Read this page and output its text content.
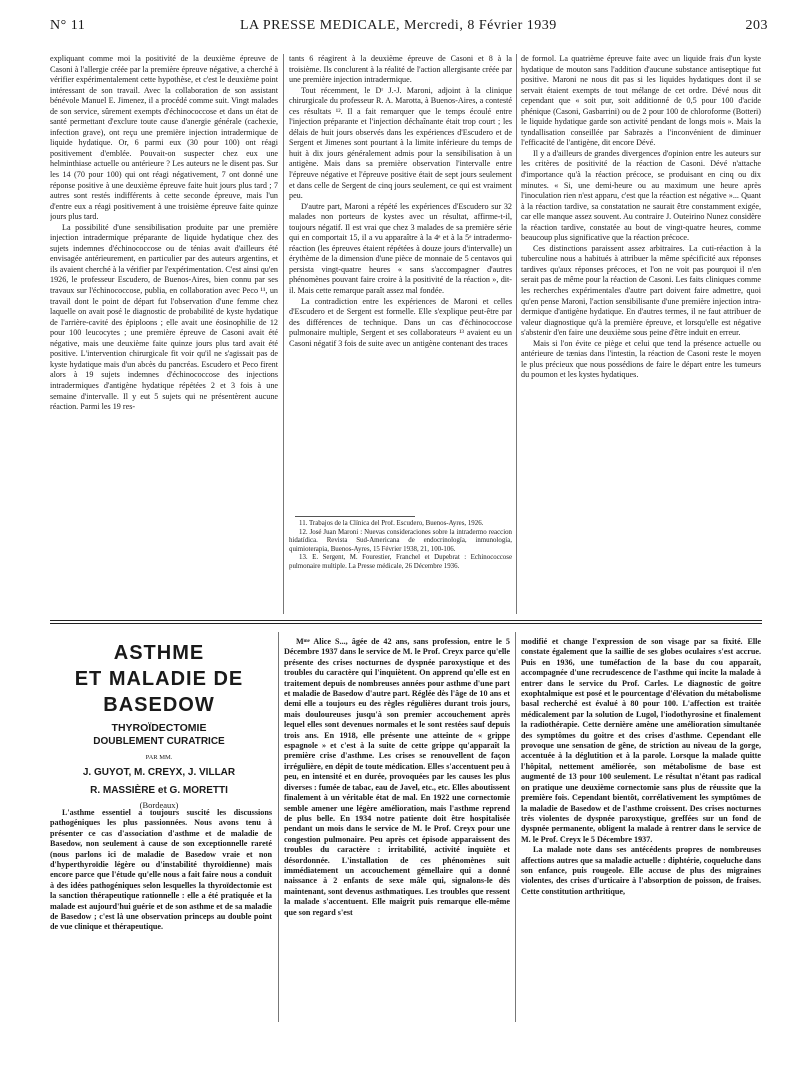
N° 11	LA PRESSE MEDICALE, Mercredi, 8 Février 1939	203

expliquant comme moi la positivité de la deuxième épreuve de Casoni à l'allergie créée par la première épreuve négative, a cherché à vérifier expérimentalement cette hypothèse, et c'est le deuxième point intéressant de son travail. Avec la collaboration de son assistant bénévole Manuel E. Jimenez, il a procédé comme suit. Vingt malades de son service, sûrement exempts d'échinococcose et dans un état de santé permettant d'exclure toute cause d'anergie générale (cachexie, infection grave), ont reçu une première injection intradermique de liquide hydatique. Or, 6 parmi eux (30 pour 100) ont réagi positivement d'emblée. Pouvait-on suspecter chez eux une helminthiase actuelle ou antérieure ? Les auteurs ne le disent pas. Sur les 14 (70 pour 100) qui ont réagi négativement, 7 ont donné une réponse positive à une deuxième épreuve faite huit jours plus tard ; 7 autres sont restés indifférents à cette seconde épreuve, mais l'un d'entre eux a réagi positivement à une troisième épreuve faite quinze jours plus tard.

La possibilité d'une sensibilisation produite par une première injection intradermique préparante de liquide hydatique chez des sujets indemnes d'échinococcose ou de ténias avait d'ailleurs été envisagée antérieurement, en particulier par des auteurs argentins, et ils avaient cherché à la vérifier par l'expérimentation. C'est ainsi qu'en 1926, le professeur Escudero, de Buenos-Aires, bien connu par ses travaux sur l'échinococcose, publia, en collaboration avec Peco ¹¹, un travail dont le point de départ fut l'observation d'une femme chez laquelle on avait posé le diagnostic de probabilité de kyste hydatique de l'arrière-cavité des épiploons ; elle avait une éosinophilie de 12 pour 100 leucocytes ; une première épreuve de Casoni avait été négative, mais une deuxième faite quinze jours plus tard avait été positive. L'intervention chirurgicale fit voir qu'il ne s'agissait pas de kyste hydatique mais d'un abcès du pancréas. Escudero et Peco firent alors à 19 sujets indemnes d'échinococcose des injections intradermiques d'antigène hydatique répétées 2 et 3 fois à une semaine d'intervalle. Il y eut 5 sujets qui ne présentèrent aucune réaction. Parmi les 19 res-

tants 6 réagirent à la deuxième épreuve de Casoni et 8 à la troisième. Ils conclurent à la réalité de l'action allergisante créée par une première injection intradermique.

Tout récemment, le Dʳ J.-J. Maroni, adjoint à la clinique chirurgicale du professeur R. A. Marotta, à Buenos-Aires, a contesté ces résultats ¹². Il a fait remarquer que le temps écoulé entre l'injection préparante et l'injection déchaînante était trop court ; les délais de huit jours observés dans les expériences d'Escudero et de Sergent et Jimenes sont pourtant à la limite inférieure du temps de huit à dix jours généralement admis pour la sensibilisation à un antigène. Mais dans sa première observation l'intervalle entre l'épreuve négative et l'épreuve positive était de sept jours seulement et dans celle de Sergent de cinq jours seulement, ce qui est vraiment peu.

D'autre part, Maroni a répété les expériences d'Escudero sur 32 malades non porteurs de kystes avec un résultat, affirme-t-il, toujours négatif. Il est vrai que chez 3 malades de sa première série qui en comportait 15, il a vu apparaître à la 4ᵉ et à la 5ᵉ intradermo-réaction (les épreuves étaient répétées à douze jours d'intervalle) un érythème de la dimension d'une pièce de monnaie de 5 centavos qui persista vingt-quatre heures « sans s'accompagner d'autres phénomènes pouvant faire croire à la positivité de la réaction », dit-il. Mais cette remarque paraît assez mal fondée.

La contradiction entre les expériences de Maroni et celles d'Escudero et de Sergent est formelle. Elle s'explique peut-être par des différences de technique. Dans un cas d'échinococcose pulmonaire multiple, Sergent et ses collaborateurs ¹³ avaient eu un Casoni négatif 3 fois de suite avec un antigène contenant des traces

11. Trabajos de la Clínica del Prof. Escudero, Buenos-Ayres, 1926.

12. José Juan Maroni : Nuevas consideraciones sobre la intradermo reaccion hidatídica. Revista Sud-Americana de endocrinología, inmunología, quimioterapia, Buenos-Ayres, 15 Février 1938, 21, 100-106.

13. E. Sergent, M. Fourestier, Franchel et Dupebrat : Echinococcose pulmonaire multiple. La Presse médicale, 26 Décembre 1936.

de formol. La quatrième épreuve faite avec un liquide frais d'un kyste hydatique de mouton sans l'addition d'aucune substance antiseptique fut positive. Maroni ne nous dit pas si les liquides hydatiques dont il se servait étaient exempts de tout mélange de cet ordre. Dévé nous dit cependant que « soit pur, soit additionné de 0,5 pour 100 d'acide phénique (Casoni, Gasbarrini) ou de 2 pour 100 de chloroforme (Botteri) le liquide hydatique garde son activité pendant de longs mois ». Mais la tyndallisation conseillée par Sabrazès a l'inconvénient de diminuer l'efficacité de l'antigène, dit encore Dévé.

Il y a d'ailleurs de grandes divergences d'opinion entre les auteurs sur les critères de positivité de la réaction de Casoni. Dévé n'attache d'importance qu'à la réaction précoce, se produisant en cinq ou dix minutes. « Si, une demi-heure ou au maximum une heure après l'inoculation rien n'est apparu, c'est que la réaction est négative »... Quant à la réaction tardive, sa constatation ne saurait être constamment exigée, car elle manque assez souvent. Au contraire J. Outeirino Nunez considère la réaction tardive, constatée au bout de vingt-quatre heures, comme beaucoup plus significative que la réaction précoce.

Ces distinctions paraissent assez arbitraires. La cuti-réaction à la tuberculine nous a habitués à attribuer la même spécificité aux réponses tardives qu'aux réponses précoces, et l'on ne voit pas pourquoi il n'en serait pas de même pour la réaction de Casoni. Les faits cliniques comme les recherches expérimentales d'autre part doivent faire admettre, quoi qu'en pense Maroni, l'action sensibilisante d'une première injection intra-dermique d'antigène hydatique. En d'autres termes, il ne faut attribuer de valeur diagnostique qu'à la première épreuve, et lorsqu'elle est négative s'abstenir d'en faire une deuxième sous peine d'être induit en erreur.

Mais si l'on évite ce piège et celui que tend la présence actuelle ou antérieure de tænias dans l'intestin, la réaction de Casoni reste le moyen le plus précieux que nous possédions de faire le départ entre les tumeurs du poumon et les kystes hydatiques.

ASTHME
ET MALADIE DE BASEDOW
THYROÏDECTOMIE
DOUBLEMENT CURATRICE
PAR MM.
J. GUYOT, M. CREYX, J. VILLAR
R. MASSIÈRE et G. MORETTI
(Bordeaux)

L'asthme essentiel a toujours suscité les discussions pathogéniques les plus passionnées. Nous avons tenu à présenter ce cas d'association d'asthme et de maladie de Basedow, non seulement à cause de son exceptionnelle rareté (nous parlons ici de maladie de Basedow vraie et non d'hyperthyroïdie légère ou d'instabilité thyroïdienne) mais encore parce que l'étude qu'elle nous a fait faire nous a conduit à des idées pathogéniques selon lesquelles la thyroïdectomie est la sanction thérapeutique rationnelle : elle a été pratiquée et la malade est aujourd'hui guérie et de son asthme et de sa maladie de Basedow ; c'est là une observation princeps au double point de vue clinique et thérapeutique.

Mᵐᵉ Alice S..., âgée de 42 ans, sans profession, entre le 5 Décembre 1937 dans le service de M. le Prof. Creyx parce qu'elle présente des crises nocturnes de dyspnée paroxystique et des troubles du caractère qui l'inquiètent. On apprend qu'elle est en traitement depuis de nombreuses années pour asthme d'une part et maladie de Basedow d'autre part. Réglée dès l'âge de 10 ans et demi elle a toujours eu des règles régulières durant trois jours, mais douloureuses jusqu'à son premier accouchement après lequel elles sont devenues normales et le sont restées sauf depuis trois ans. En 1918, elle présente une atteinte de « grippe espagnole » et c'est à la suite de cette grippe qu'apparaît la première crise d'asthme. Les crises se renouvellent de façon irrégulière, en dépit de toute médication. Elles s'accentuent peu à peu, en intensité et en durée, provoquées par les causes les plus diverses : fumée de tabac, eau de Javel, etc., etc. Elles aboutissent finalement à un véritable état de mal. En 1922 une cornectomie semble amener une légère amélioration, mais l'asthme reprend de plus belle. En 1934 notre patiente doit être hospitalisée pendant un mois dans le service de M. le Prof. Creyx pour une congestion pulmonaire. Peu après cet épisode apparaissent des troubles du caractère : irritabilité, activité inquiète et désordonnée. L'installation de ces phénomènes suit immédiatement un accouchement gémellaire qui a donné naissance à 2 enfants de sexe mâle qui, signalons-le dès maintenant, sont devenus asthmatiques. Les troubles que ressent la malade s'accentuent. Elle maigrit puis remarque elle-même que son regard s'est

modifié et change l'expression de son visage par sa fixité. Elle constate également que la saillie de ses globes oculaires s'est accrue. Puis en 1936, une tuméfaction de la base du cou apparaît, accompagnée d'une recrudescence de l'asthme qui incite la malade à entrer dans le service du Prof. Carles. Le diagnostic de goitre exophtalmique est posé et le pourcentage d'élévation du métabolisme basal recherché est évalué à 80 pour 100. L'affection est traitée médicalement par la solution de Lugol, l'iodothyrosine et finalement la radiothérapie. Cette dernière amène une amélioration simultanée des symptômes du goitre et des crises d'asthme. Cependant elle provoque une sensation de gêne, de striction au niveau de la gorge, accentuée à la déglutition et à la parole. Lorsque la malade quitte l'hôpital, nettement améliorée, son métabolisme de base est augmenté de 13 pour 100 seulement. Le résultat n'étant pas radical on pratique une deuxième cornectomie sans plus de réussite que la première fois. Cependant bientôt, corrélativement les symptômes de la maladie de Basedow et de l'asthme croissent. Des crises nocturnes très violentes de dyspnée paroxystique, greffées sur un fond de dyspnée permanente, obligent la malade à rentrer dans le service de M. le Prof. Creyx le 5 Décembre 1937.

La malade note dans ses antécédents propres de nombreuses affections autres que sa maladie actuelle : diphtérie, coqueluche dans son enfance, puis rougeole. Elle accuse de plus des migraines violentes, des crises d'urticaire à l'absorption de poisson, de fraises. Cette constitution arthritique,
